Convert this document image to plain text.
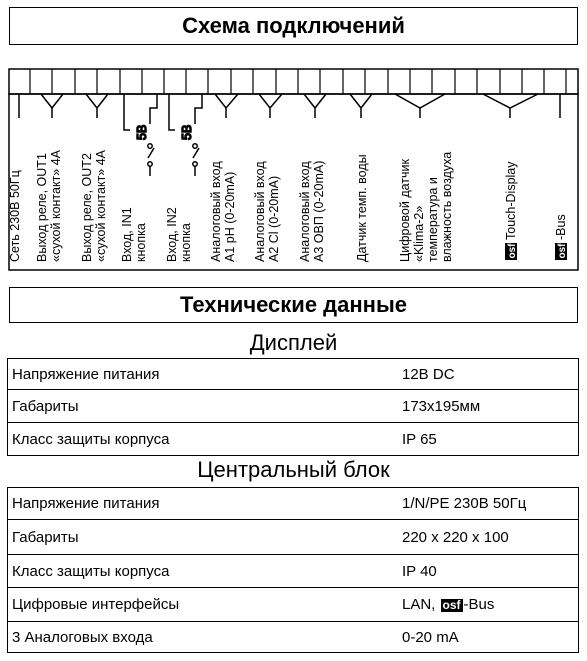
Схема подключений
5В 5В
Сеть 230В 50Гц Выход реле, OUT1 «сухой контакт» 4А Выход реле, OUT2 «сухой контакт» 4А Вход, IN1 кнопка Вход, IN2 кнопка Аналоговый вход A1 pH (0-20mA) Аналоговый вход A2 Cl (0-20mA) Аналоговый вход A3 ОВП (0-20mA) Датчик темп. воды Цифровой датчик «Klima-2» температура и влажность воздуха	Touch-Display	-Bus
osf	osf
Технические данные
Дисплей
Напряжение питания	12В DC
Габариты	173x195мм
Класс защиты корпуса	IP 65
Центральный блок
Напряжение питания	1/N/PE 230В 50Гц
Габариты	220 x 220 x 100
Класс защиты корпуса	IP 40
Цифровые интерфейсы	LAN, osf -Bus
3 Аналоговых входа	0-20 mA
